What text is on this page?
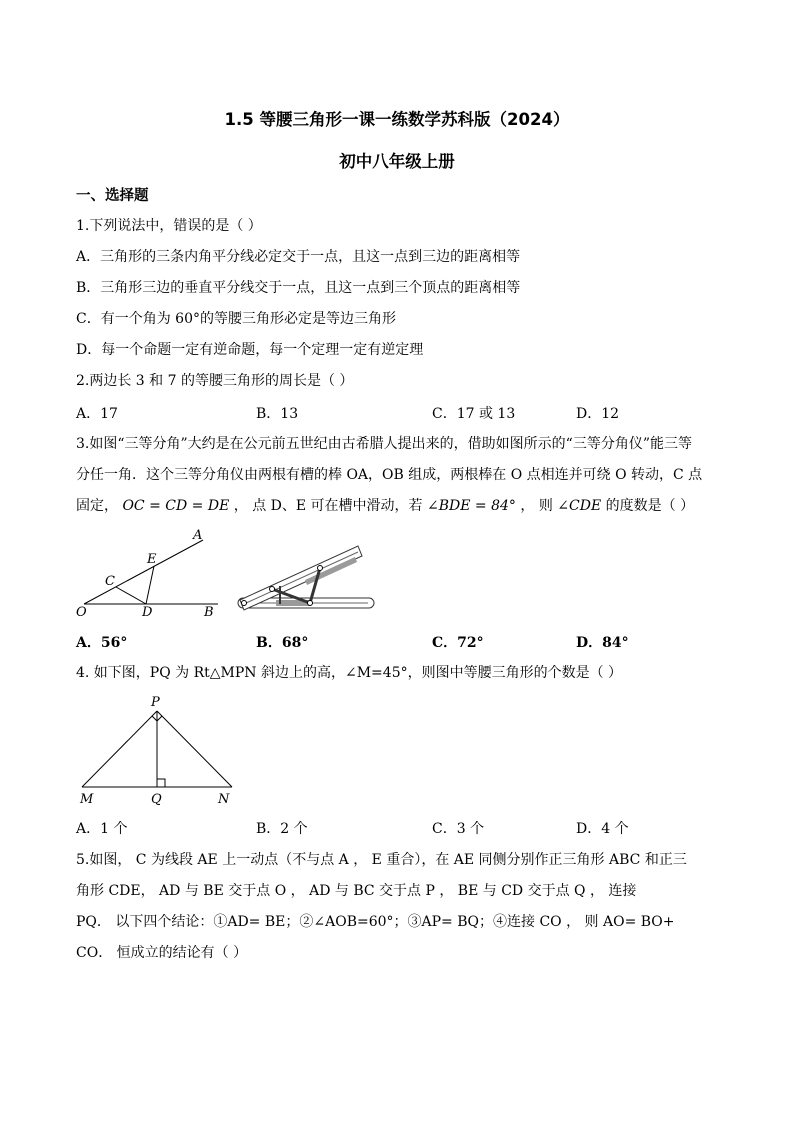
1.5 等腰三角形一课一练数学苏科版（2024）
初中八年级上册
一、选择题
1.下列说法中，错误的是（ ）
A．三角形的三条内角平分线必定交于一点，且这一点到三边的距离相等
B．三角形三边的垂直平分线交于一点，且这一点到三个顶点的距离相等
C．有一个角为 60°的等腰三角形必定是等边三角形
D．每一个命题一定有逆命题，每一个定理一定有逆定理
2.两边长 3 和 7 的等腰三角形的周长是（ ）
A．17	B．13	C．17 或 13	D．12
3.如图“三等分角”大约是在公元前五世纪由古希腊人提出来的，借助如图所示的“三等分角仪”能三等
分任一角．这个三等分角仪由两根有槽的棒 OA，OB 组成，两根棒在 O 点相连并可绕 O 转动，C 点
固定， OC = CD = DE ， 点 D、E 可在槽中滑动，若 ∠BDE = 84° ， 则 ∠CDE 的度数是（ ）
A
E
C
O	D	B
A．56°	B．68°	C．72°	D．84°
4. 如下图，PQ 为 Rt△MPN 斜边上的高，∠M=45°，则图中等腰三角形的个数是（ ）
P
M	Q	N
A．1 个	B．2 个	C．3 个	D．4 个
5.如图， C 为线段 AE 上一动点（不与点 A ， E 重合），在 AE 同侧分别作正三角形 ABC 和正三
角形 CDE， AD 与 BE 交于点 O ， AD 与 BC 交于点 P ， BE 与 CD 交于点 Q ， 连接
PQ． 以下四个结论：①AD= BE；②∠AOB=60°；③AP= BQ；④连接 CO ， 则 AO= BO+
CO． 恒成立的结论有（ ）
